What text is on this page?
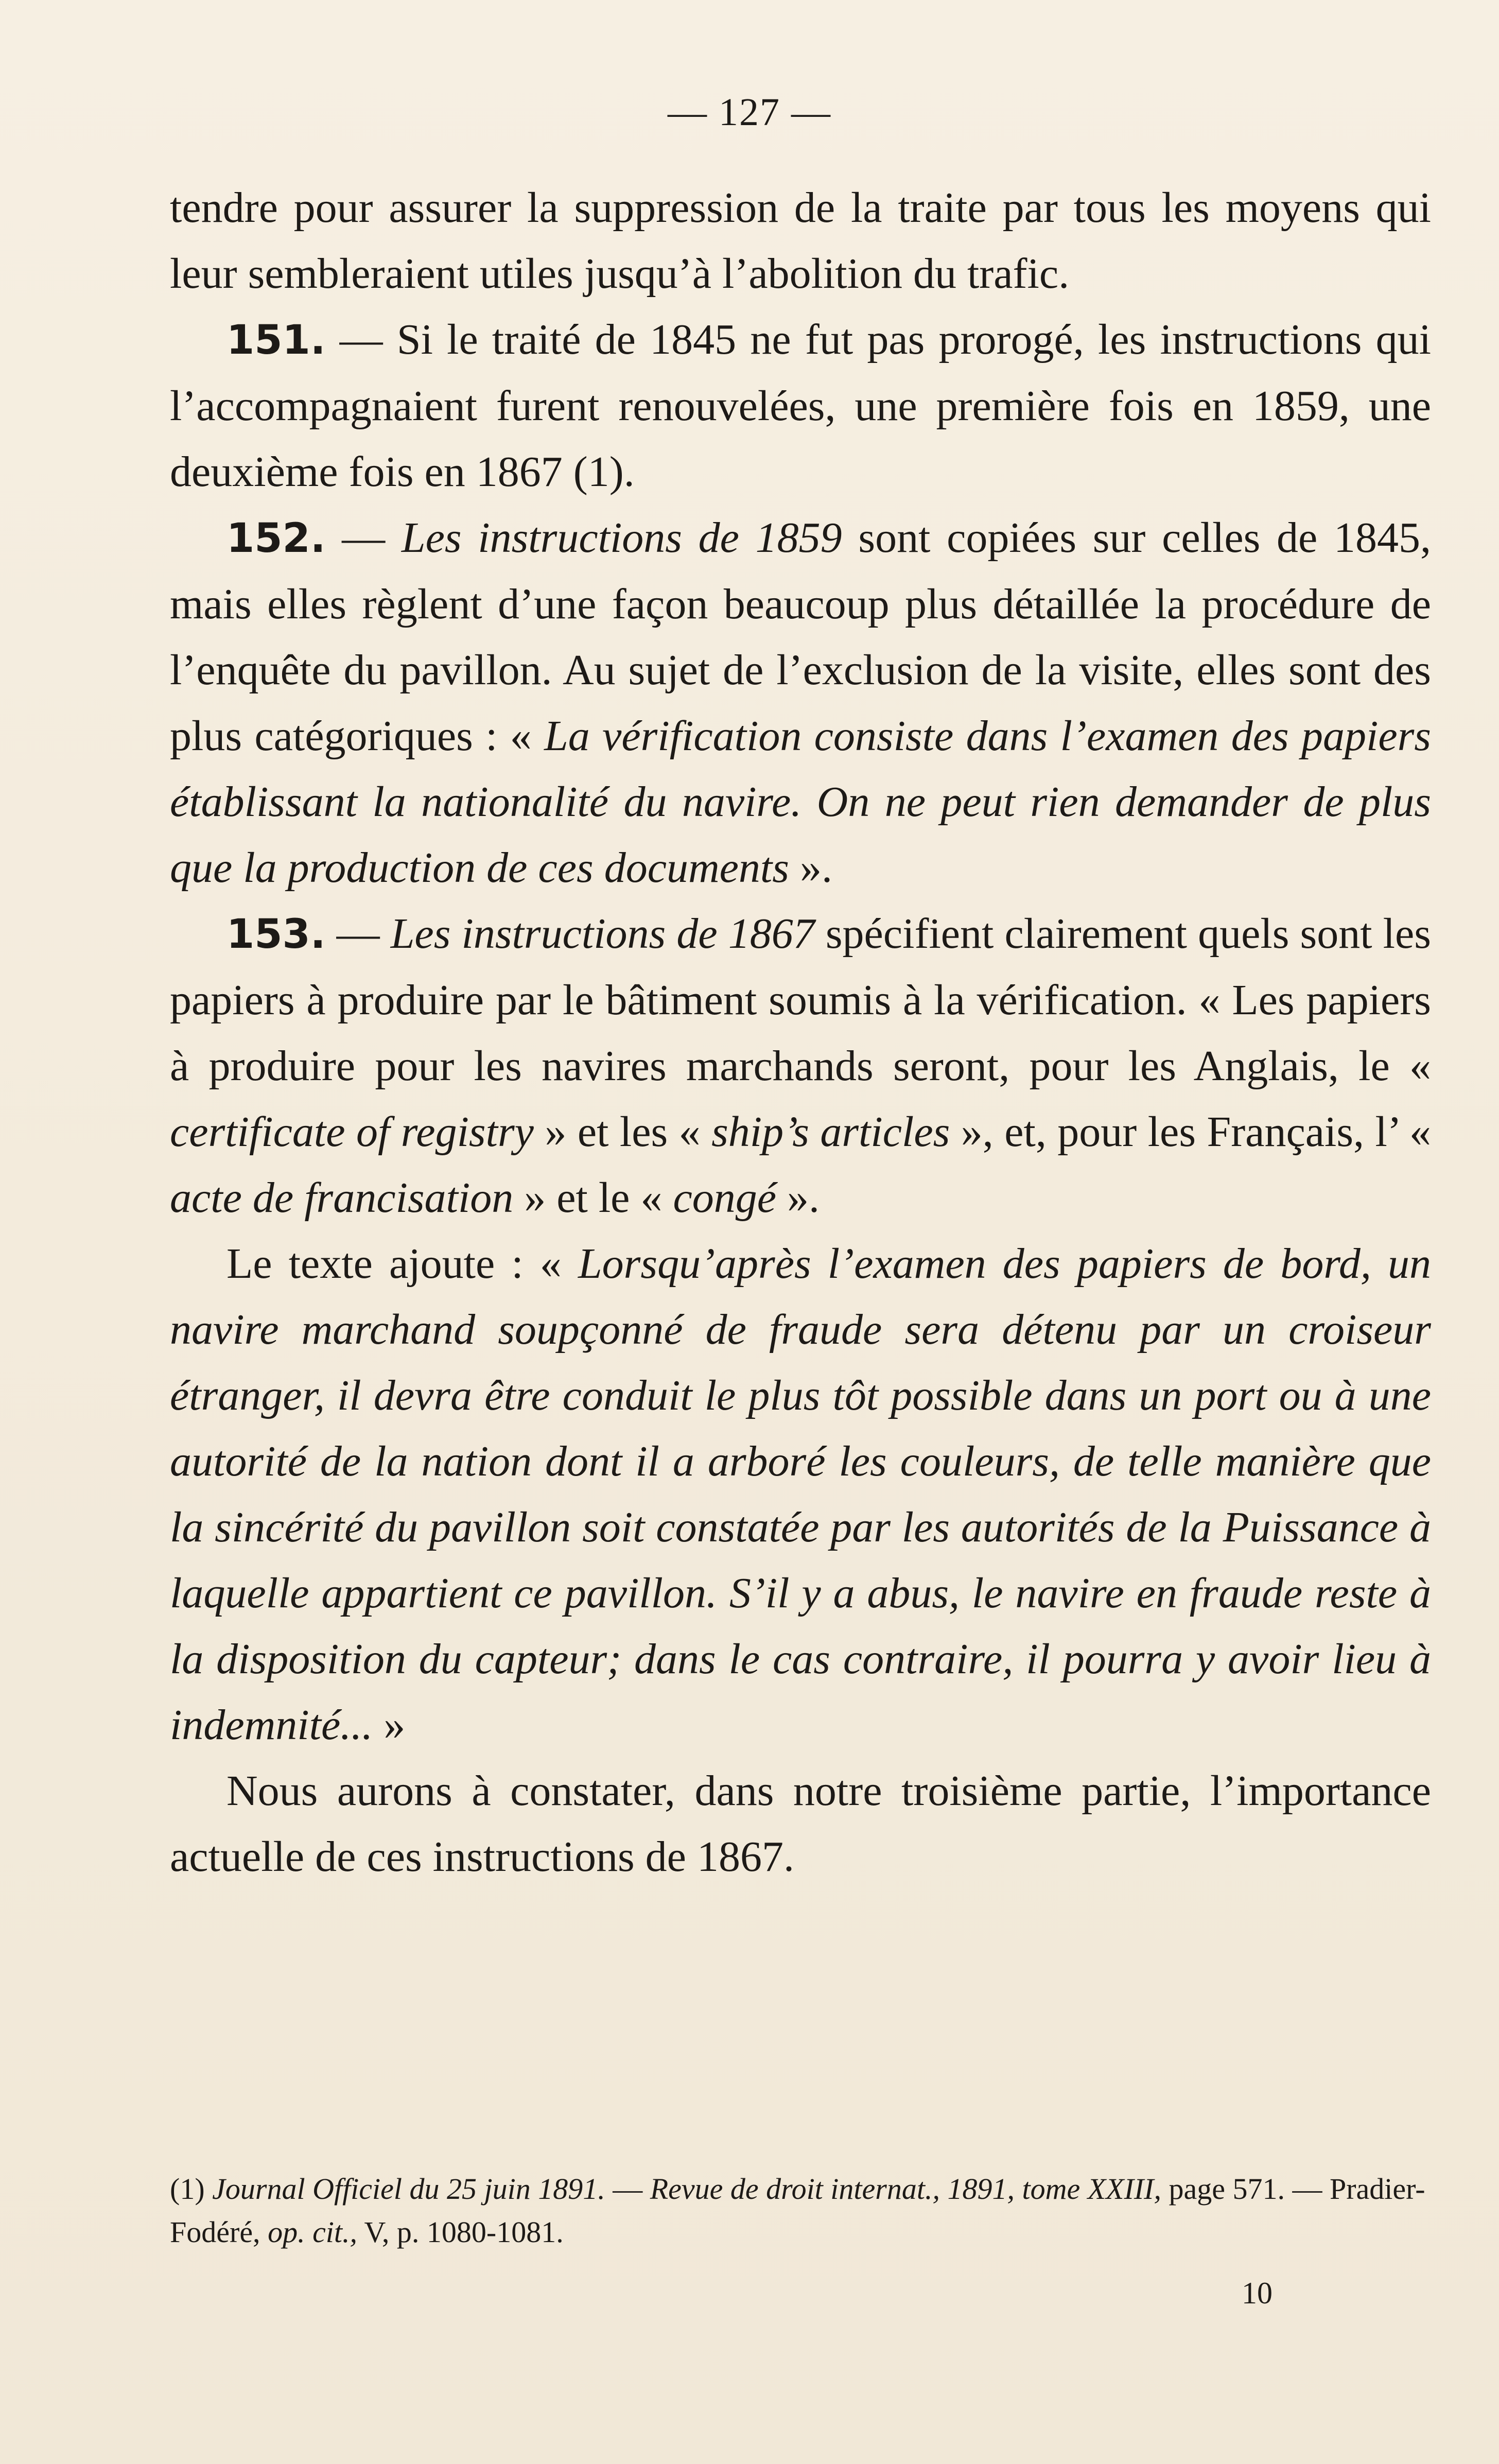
— 127 —

tendre pour assurer la suppression de la traite par tous les moyens qui leur sembleraient utiles jusqu’à l’abolition du trafic.

151. — Si le traité de 1845 ne fut pas prorogé, les instructions qui l’accompagnaient furent renouvelées, une première fois en 1859, une deuxième fois en 1867 (1).

152. — Les instructions de 1859 sont copiées sur celles de 1845, mais elles règlent d’une façon beaucoup plus détaillée la procédure de l’enquête du pavillon. Au sujet de l’exclusion de la visite, elles sont des plus catégoriques : « La vérification consiste dans l’examen des papiers établissant la nationalité du navire. On ne peut rien demander de plus que la production de ces documents ».

153. — Les instructions de 1867 spécifient clairement quels sont les papiers à produire par le bâtiment soumis à la vérification. « Les papiers à produire pour les navires marchands seront, pour les Anglais, le « certificate of registry » et les « ship’s articles », et, pour les Français, l’ « acte de francisation » et le « congé ».

Le texte ajoute : « Lorsqu’après l’examen des papiers de bord, un navire marchand soupçonné de fraude sera détenu par un croiseur étranger, il devra être conduit le plus tôt possible dans un port ou à une autorité de la nation dont il a arboré les couleurs, de telle manière que la sincérité du pavillon soit constatée par les autorités de la Puissance à laquelle appartient ce pavillon. S’il y a abus, le navire en fraude reste à la disposition du capteur; dans le cas contraire, il pourra y avoir lieu à indemnité... »

Nous aurons à constater, dans notre troisième partie, l’importance actuelle de ces instructions de 1867.

(1) Journal Officiel du 25 juin 1891. — Revue de droit internat., 1891, tome XXIII, page 571. — Pradier-Fodéré, op. cit., V, p. 1080-1081.
10
